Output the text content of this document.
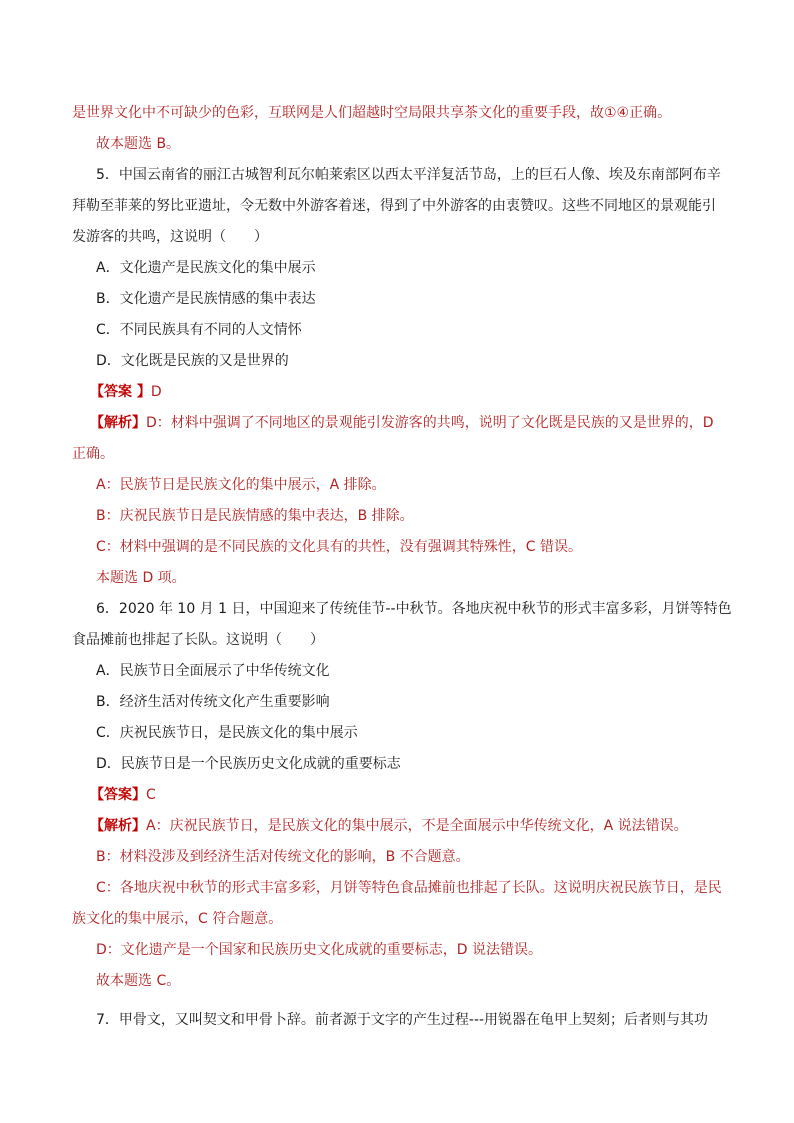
是世界文化中不可缺少的色彩，互联网是人们超越时空局限共享茶文化的重要手段，故①④正确。
故本题选 B。
5．中国云南省的丽江古城智利瓦尔帕莱索区以西太平洋复活节岛，上的巨石人像、埃及东南部阿布辛
拜勒至菲莱的努比亚遗址，令无数中外游客着迷，得到了中外游客的由衷赞叹。这些不同地区的景观能引
发游客的共鸣，这说明（　　）
A．文化遗产是民族文化的集中展示
B．文化遗产是民族情感的集中表达
C．不同民族具有不同的人文情怀
D．文化既是民族的又是世界的
【答案 】D
【解析】D：材料中强调了不同地区的景观能引发游客的共鸣，说明了文化既是民族的又是世界的，D
正确。
A：民族节日是民族文化的集中展示，A 排除。
B：庆祝民族节日是民族情感的集中表达，B 排除。
C：材料中强调的是不同民族的文化具有的共性，没有强调其特殊性，C 错误。
本题选 D 项。
6．2020 年 10 月 1 日，中国迎来了传统佳节--中秋节。各地庆祝中秋节的形式丰富多彩，月饼等特色
食品摊前也排起了长队。这说明（　　）
A．民族节日全面展示了中华传统文化
B．经济生活对传统文化产生重要影响
C．庆祝民族节日，是民族文化的集中展示
D．民族节日是一个民族历史文化成就的重要标志
【答案】C
【解析】A：庆祝民族节日，是民族文化的集中展示，不是全面展示中华传统文化，A 说法错误。
B：材料没涉及到经济生活对传统文化的影响，B 不合题意。
C：各地庆祝中秋节的形式丰富多彩，月饼等特色食品摊前也排起了长队。这说明庆祝民族节日，是民
族文化的集中展示，C 符合题意。
D：文化遗产是一个国家和民族历史文化成就的重要标志，D 说法错误。
故本题选 C。
7．甲骨文，又叫契文和甲骨卜辞。前者源于文字的产生过程---用锐器在龟甲上契刻；后者则与其功
